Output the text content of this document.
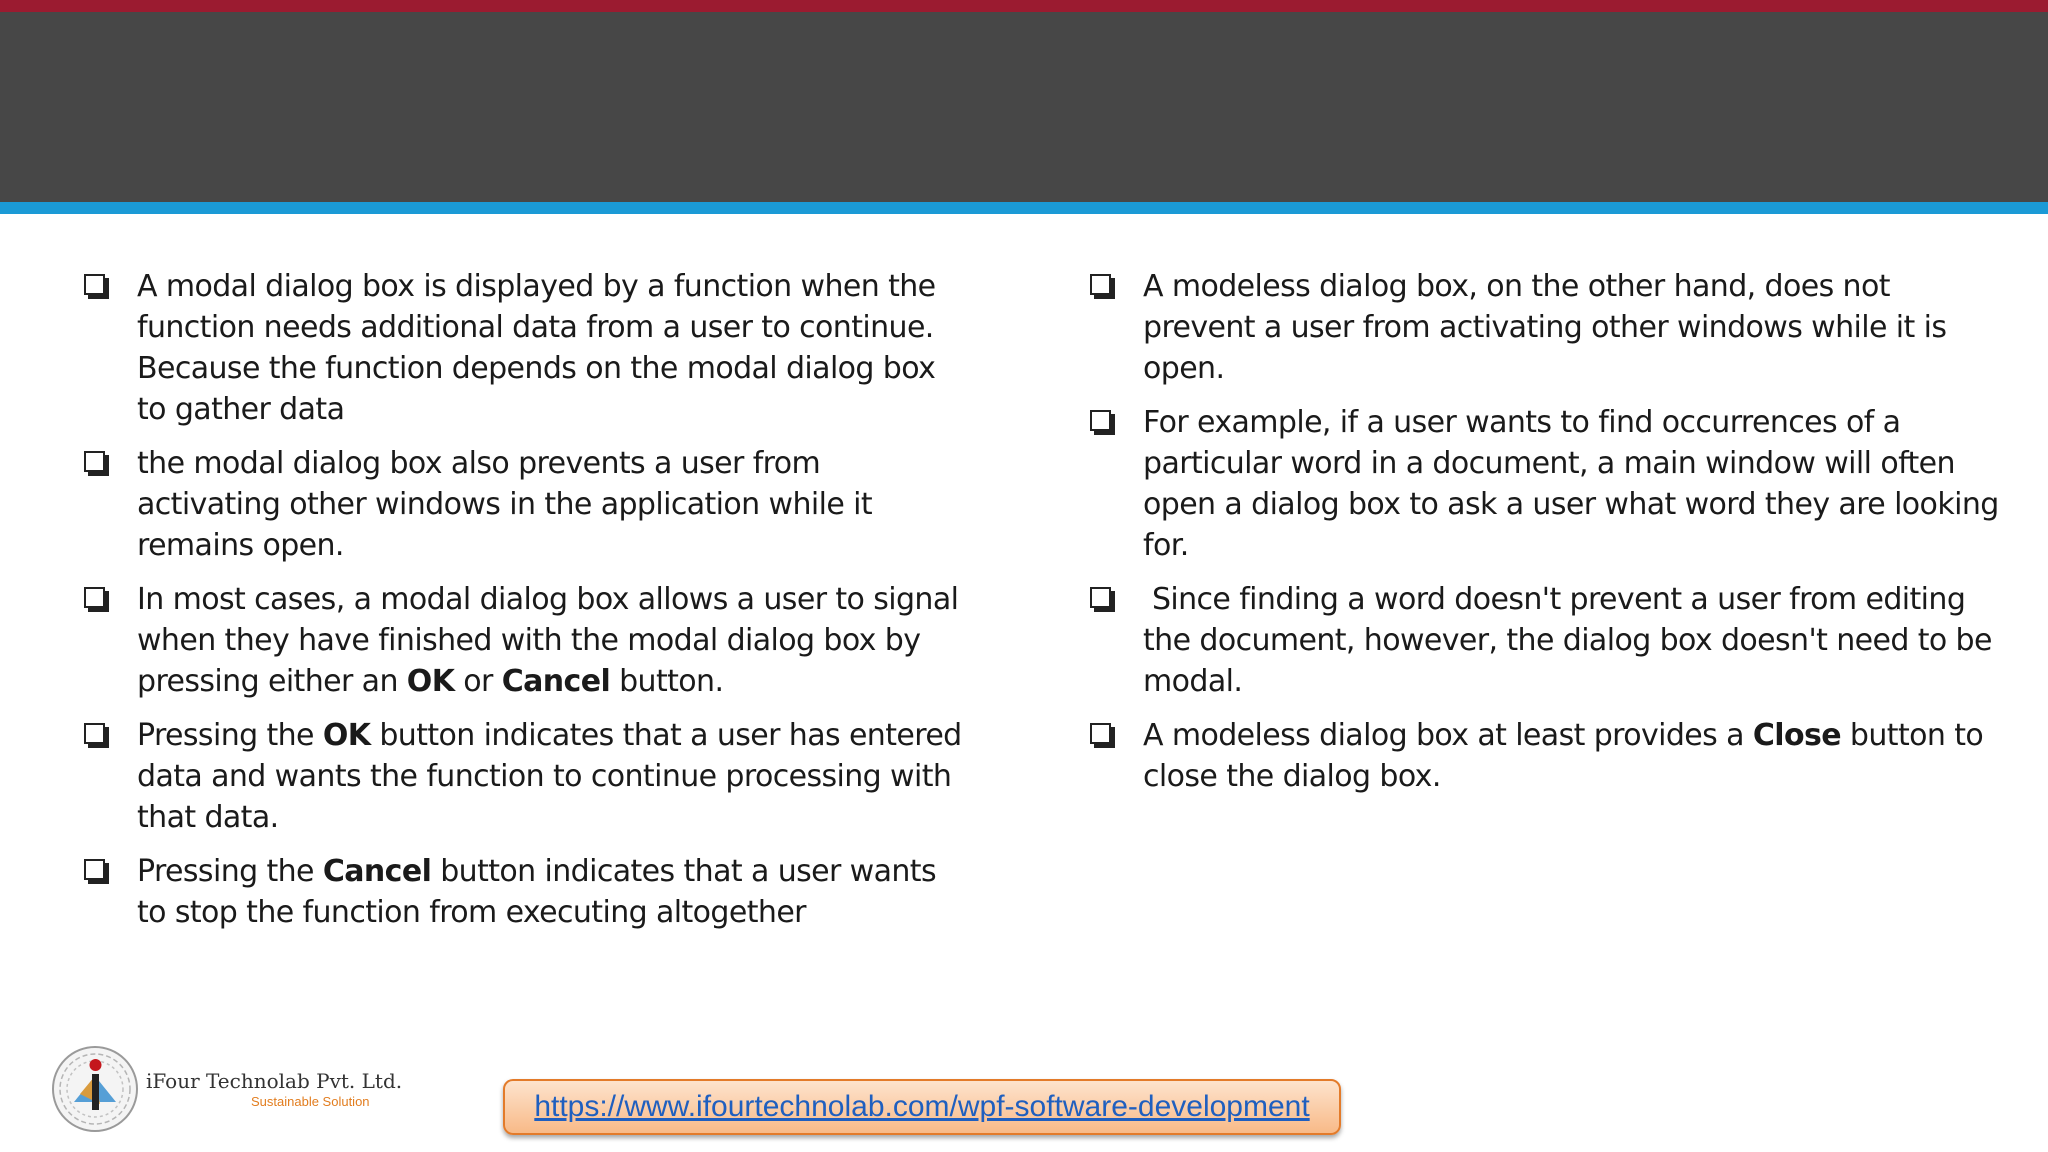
A modal dialog box is displayed by a function when the function needs additional data from a user to continue. Because the function depends on the modal dialog box to gather data
the modal dialog box also prevents a user from activating other windows in the application while it remains open.
In most cases, a modal dialog box allows a user to signal when they have finished with the modal dialog box by pressing either an OK or Cancel button.
Pressing the OK button indicates that a user has entered data and wants the function to continue processing with that data.
Pressing the Cancel button indicates that a user wants to stop the function from executing altogether
A modeless dialog box, on the other hand, does not prevent a user from activating other windows while it is open.
For example, if a user wants to find occurrences of a particular word in a document, a main window will often open a dialog box to ask a user what word they are looking for.
Since finding a word doesn't prevent a user from editing the document, however, the dialog box doesn't need to be modal.
A modeless dialog box at least provides a Close button to close the dialog box.
iFour Technolab Pvt. Ltd.
Sustainable Solution	https://www.ifourtechnolab.com/wpf-software-development
